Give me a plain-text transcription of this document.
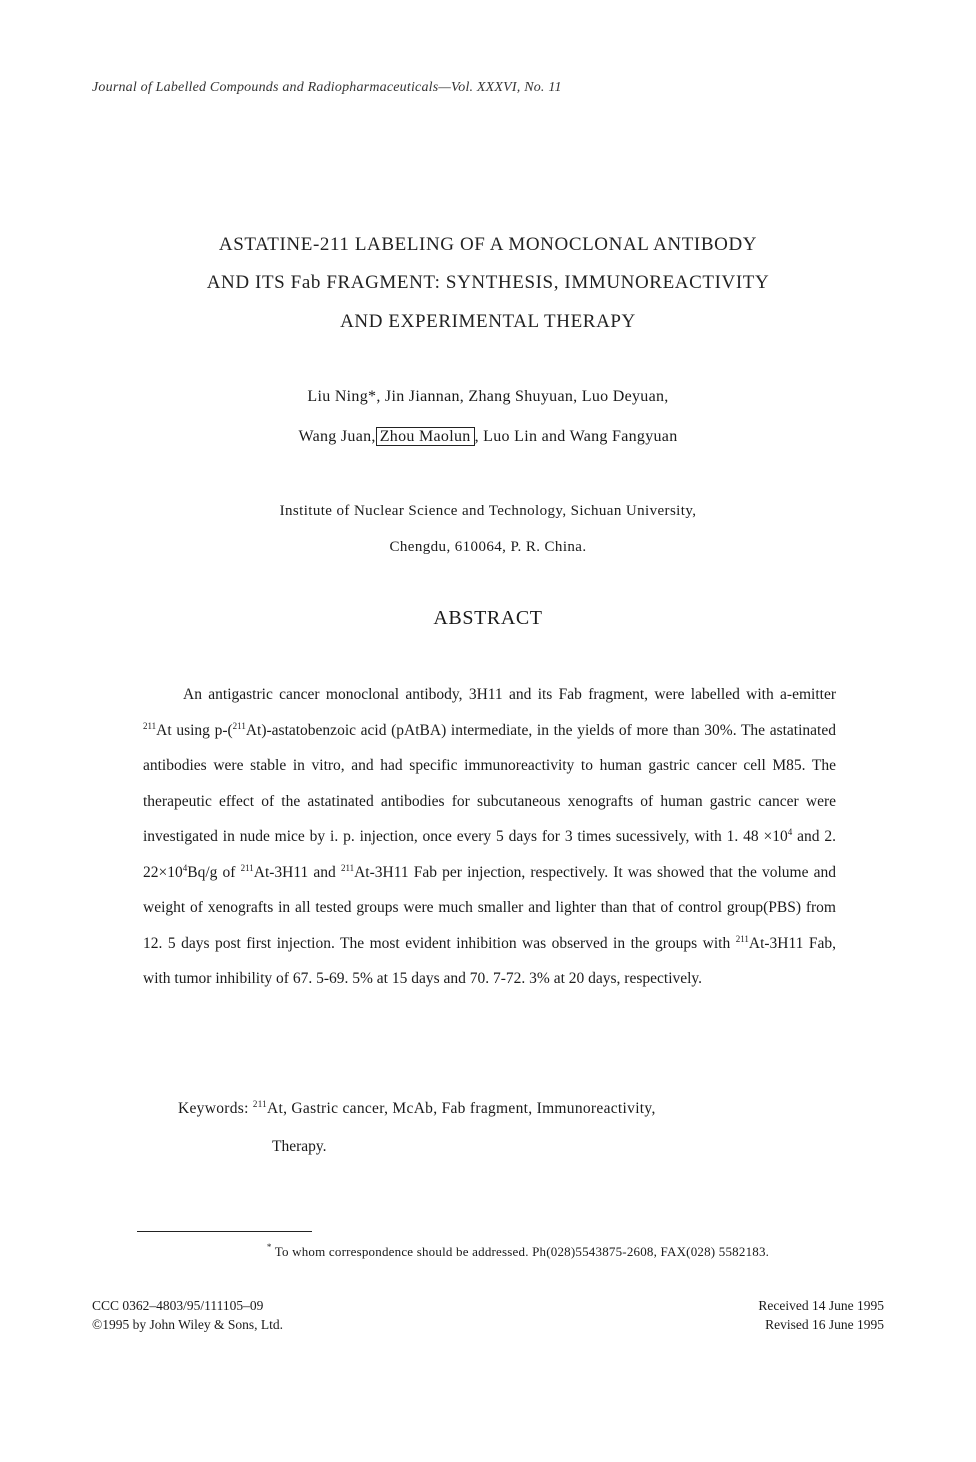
Journal of Labelled Compounds and Radiopharmaceuticals—Vol. XXXVI, No. 11
ASTATINE-211 LABELING OF A MONOCLONAL ANTIBODY
AND ITS Fab FRAGMENT: SYNTHESIS, IMMUNOREACTIVITY
AND EXPERIMENTAL THERAPY
Liu Ning*, Jin Jiannan, Zhang Shuyuan, Luo Deyuan,
Wang Juan, Zhou Maolun , Luo Lin and Wang Fangyuan
Institute of Nuclear Science and Technology, Sichuan University,
Chengdu, 610064, P. R. China.
ABSTRACT
An antigastric cancer monoclonal antibody, 3H11 and its Fab fragment, were labelled with a-emitter $^{211}$At using p-($^{211}$At)-astatobenzoic acid (pAtBA) intermediate, in the yields of more than 30%. The astatinated antibodies were stable in vitro, and had specific immunoreactivity to human gastric cancer cell M85. The therapeutic effect of the astatinated antibodies for subcutaneous xenografts of human gastric cancer were investigated in nude mice by i. p. injection, once every 5 days for 3 times sucessively, with 1. $48 \times 10^4$ and 2. $22\times 10^4Bq/g$ of $^{211}$At-3H11 and $^{211}$At-3H11 Fab per injection, respectively. It was showed that the volume and weight of xenografts in all tested groups were much smaller and lighter than that of control group(PBS) from 12. 5 days post first injection. The most evident inhibition was observed in the groups with $^{211}$At-3H11 Fab, with tumor inhibility of 67. 5-69. 5% at 15 days and 70. 7-72. 3% at 20 days, respectively.
Keywords: $^{211}$At, Gastric cancer, McAb, Fab fragment, Immunoreactivity,
Therapy.
* To whom correspondence should be addressed. Ph(028)5543875-2608, FAX(028) 5582183.
CCC 0362–4803/95/111105–09
©1995 by John Wiley & Sons, Ltd.
Received 14 June 1995
Revised 16 June 1995
